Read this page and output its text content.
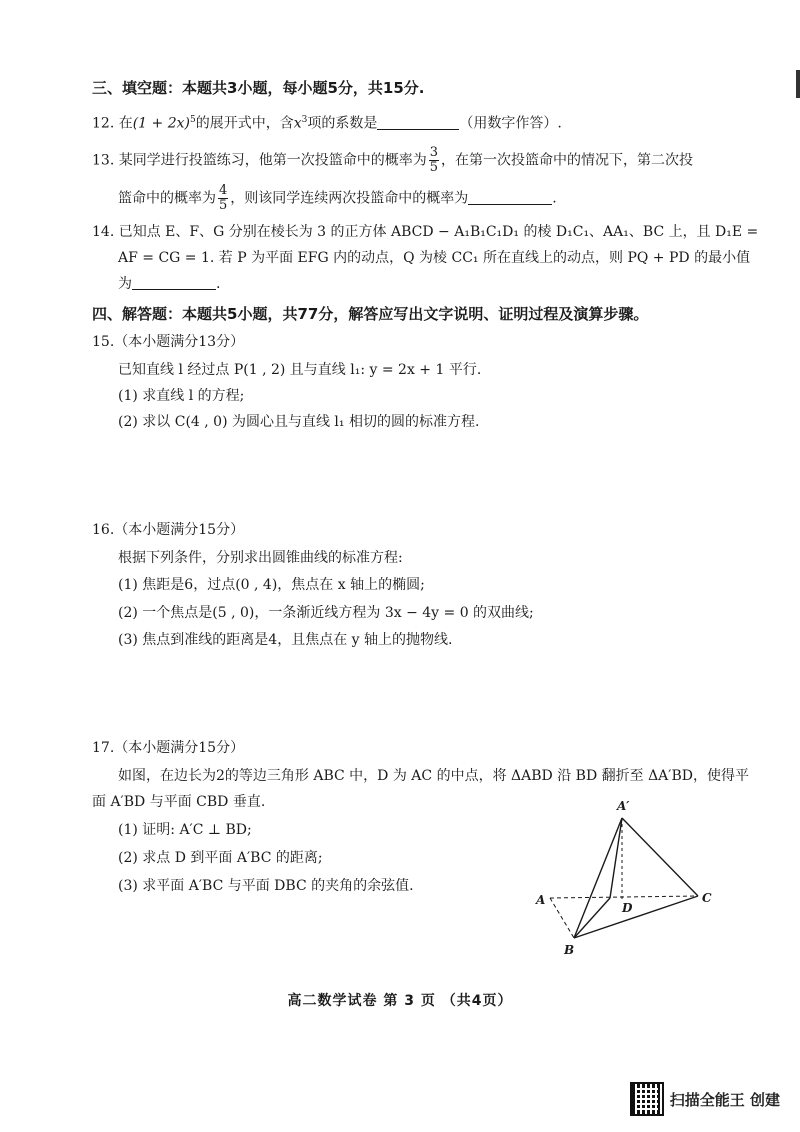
三、填空题：本题共3小题，每小题5分，共15分.
12. 在$(1 + 2x)^5$的展开式中，含$x^3$项的系数是	（用数字作答）.
13. 某同学进行投篮练习，他第一次投篮命中的概率为 $\frac{3}{5}$ ，在第一次投篮命中的情况下，第二次投
篮命中的概率为 $\frac{4}{5}$ ，则该同学连续两次投篮命中的概率为	.
14. 已知点 E、F、G 分别在棱长为 3 的正方体 ABCD − A₁B₁C₁D₁ 的棱 D₁C₁、AA₁、BC 上，且 D₁E =
AF = CG = 1. 若 P 为平面 EFG 内的动点，Q 为棱 CC₁ 所在直线上的动点，则 PQ + PD 的最小值
为	.
四、解答题：本题共5小题，共77分，解答应写出文字说明、证明过程及演算步骤。
15.（本小题满分13分）
已知直线 l 经过点 P(1 , 2) 且与直线 l₁: y = 2x + 1 平行.
(1) 求直线 l 的方程;
(2) 求以 C(4 , 0) 为圆心且与直线 l₁ 相切的圆的标准方程.
16.（本小题满分15分）
根据下列条件，分别求出圆锥曲线的标准方程:
(1) 焦距是6，过点(0 , 4)，焦点在 x 轴上的椭圆;
(2) 一个焦点是(5 , 0)，一条渐近线方程为 3x − 4y = 0 的双曲线;
(3) 焦点到准线的距离是4，且焦点在 y 轴上的抛物线.
17.（本小题满分15分）
如图，在边长为2的等边三角形 ABC 中，D 为 AC 的中点，将 ΔABD 沿 BD 翻折至 ΔA′BD，使得平
面 A′BD 与平面 CBD 垂直.
(1) 证明: A′C ⊥ BD;
(2) 求点 D 到平面 A′BC 的距离;
(3) 求平面 A′BC 与平面 DBC 的夹角的余弦值.
A′
A
B
C
D
高二数学试卷 第 3 页 （共4页）
扫描全能王 创建
